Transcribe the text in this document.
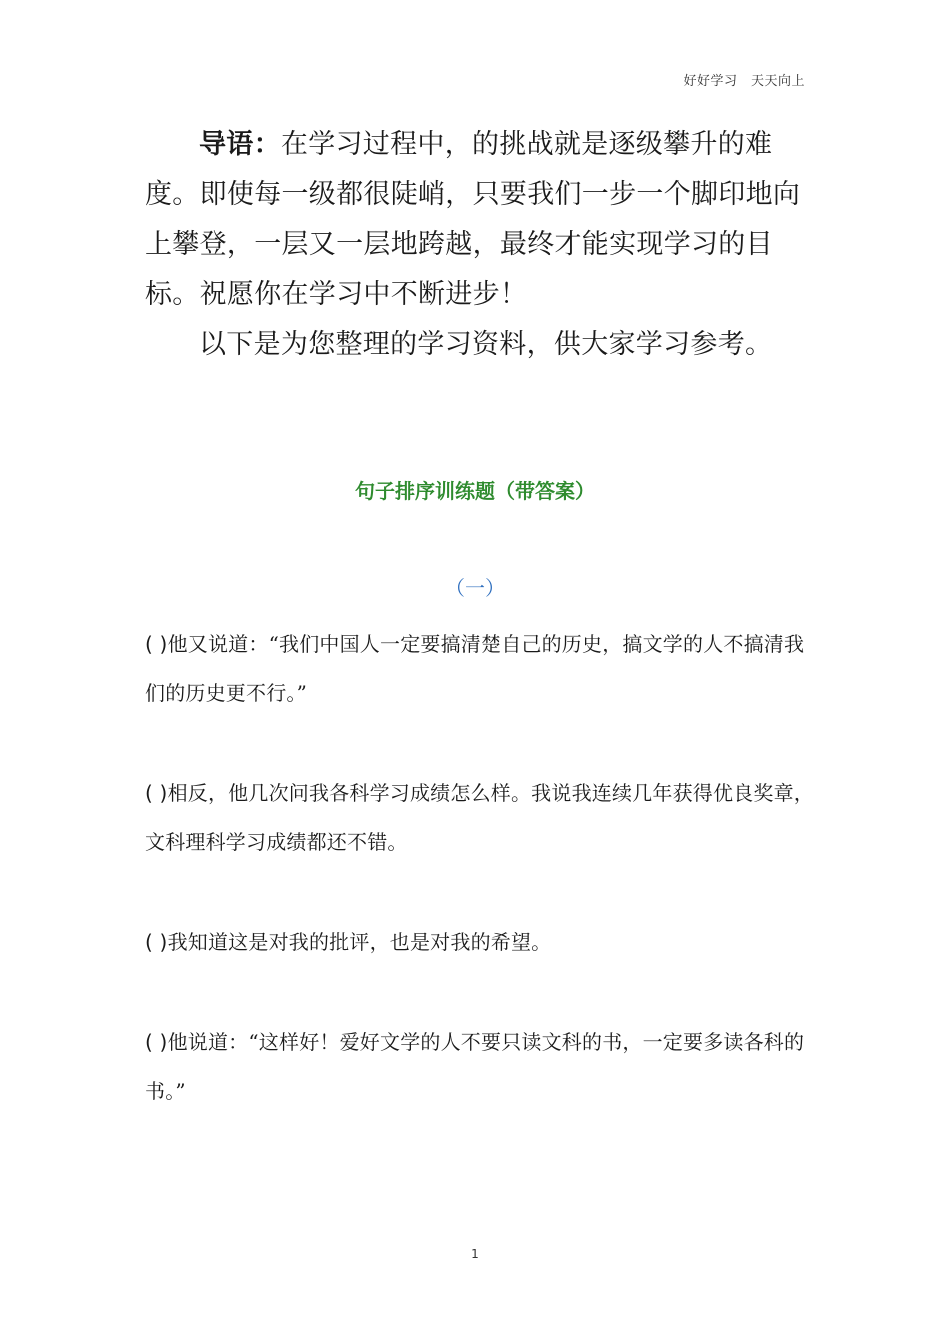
好好学习　天天向上

导语：在学习过程中，的挑战就是逐级攀升的难度。即使每一级都很陡峭，只要我们一步一个脚印地向上攀登，一层又一层地跨越，最终才能实现学习的目标。祝愿你在学习中不断进步！

以下是为您整理的学习资料，供大家学习参考。

句子排序训练题（带答案）
（一）

( )他又说道：“我们中国人一定要搞清楚自己的历史，搞文学的人不搞清我们的历史更不行。”

( )相反，他几次问我各科学习成绩怎么样。我说我连续几年获得优良奖章，文科理科学习成绩都还不错。

( )我知道这是对我的批评，也是对我的希望。

( )他说道：“这样好！爱好文学的人不要只读文科的书，一定要多读各科的书。”

1
